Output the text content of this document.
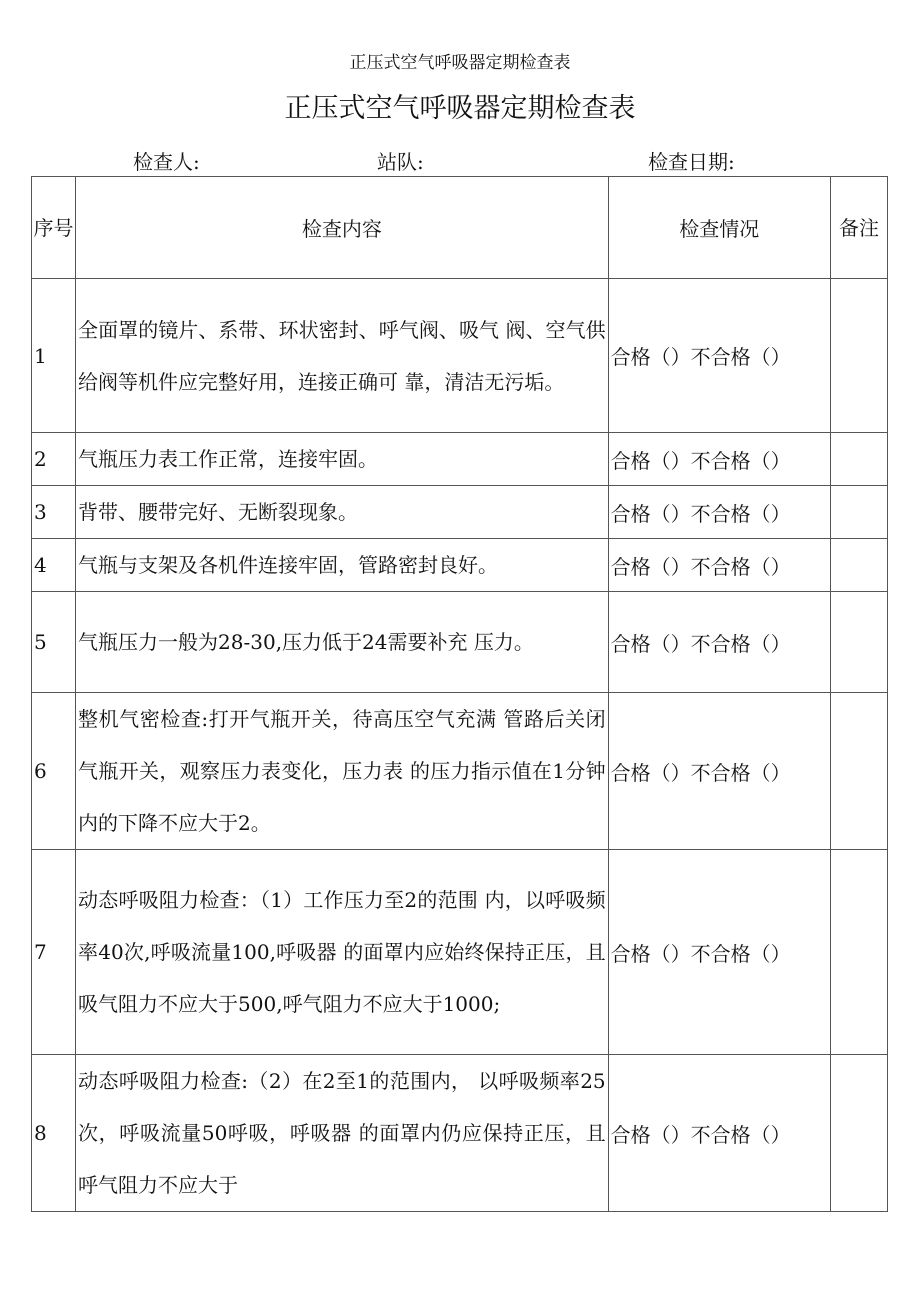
正压式空气呼吸器定期检查表
正压式空气呼吸器定期检查表
检查人:	站队:	检查日期:
序号	检查内容	检查情况	备注
1	全面罩的镜片、系带、环状密封、呼气阀、吸气 阀、空气供给阀等机件应完整好用，连接正确可 靠，清洁无污垢。	合格（）不合格（）	
2	气瓶压力表工作正常，连接牢固。	合格（）不合格（）	
3	背带、腰带完好、无断裂现象。	合格（）不合格（）	
4	气瓶与支架及各机件连接牢固，管路密封良好。	合格（）不合格（）	
5	气瓶压力一般为28-30,压力低于24需要补充 压力。	合格（）不合格（）	
6	整机气密检查:打开气瓶开关，待高压空气充满 管路后关闭气瓶开关，观察压力表变化，压力表 的压力指示值在1分钟内的下降不应大于2。	合格（）不合格（）	
7	动态呼吸阻力检查：（1）工作压力至2的范围 内，以呼吸频率40次,呼吸流量100,呼吸器 的面罩内应始终保持正压，且吸气阻力不应大于500,呼气阻力不应大于1000;	合格（）不合格（）	
8	动态呼吸阻力检查:（2）在2至1的范围内， 以呼吸频率25次，呼吸流量50呼吸，呼吸器 的面罩内仍应保持正压，且呼气阻力不应大于	合格（）不合格（）	
